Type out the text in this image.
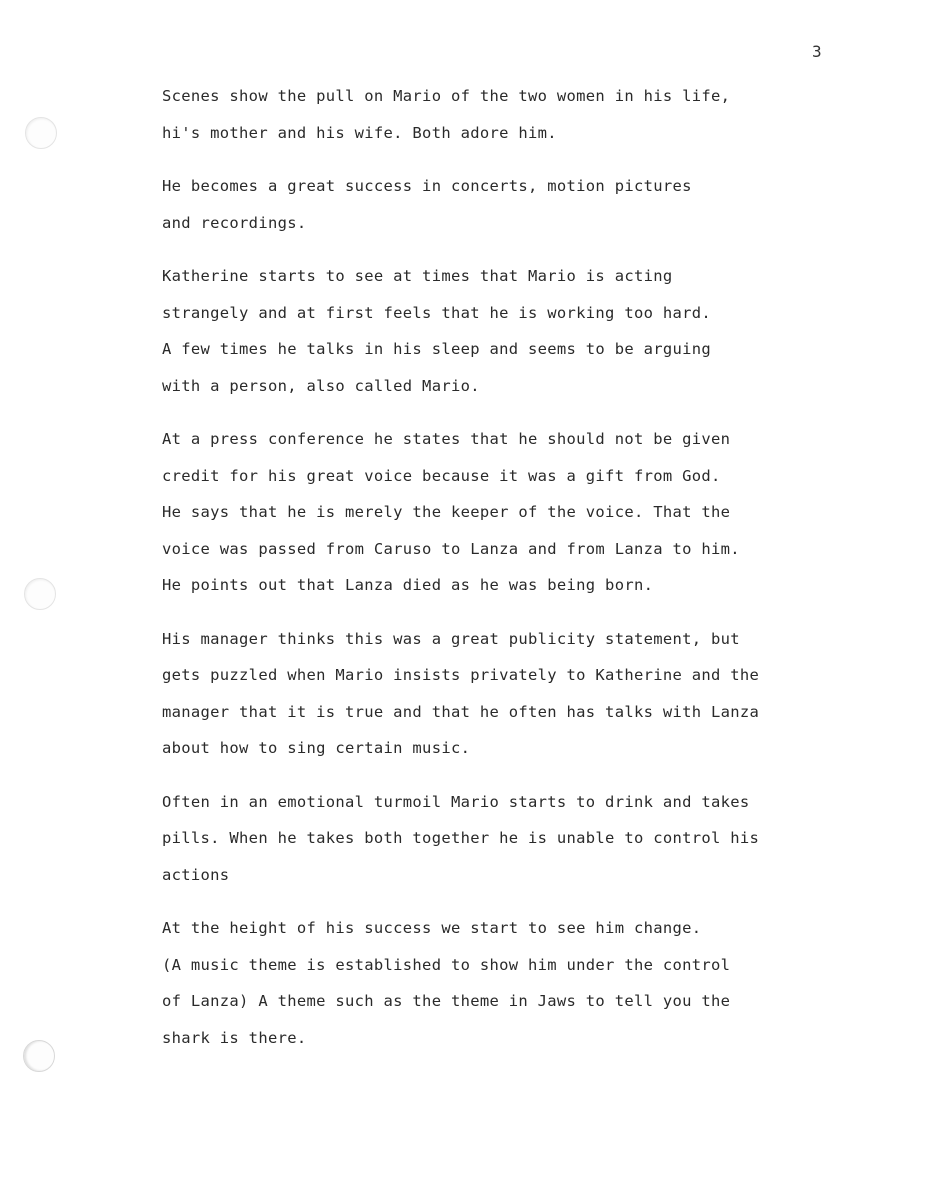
3
Scenes show the pull on Mario of the two women in his life,
hi's mother and his wife. Both adore him.
He becomes a great success in concerts, motion pictures
and recordings.
Katherine starts to see at times that Mario is acting
strangely and at first feels that he is working too hard.
A few times he talks in his sleep and seems to be arguing
with a person, also called Mario.
At a press conference he states that he should not be given
credit for his great voice because it was a gift from God.
He says that he is merely the keeper of the voice. That the
voice was passed from Caruso to Lanza and from Lanza to him.
He points out that Lanza died as he was being born.
His manager thinks this was a great publicity statement, but
gets puzzled when Mario insists privately to Katherine and the
manager that it is true and that he often has talks with Lanza
about how to sing certain music.
Often in an emotional turmoil Mario starts to drink and takes
pills. When he takes both together he is unable to control his
actions
At the height of his success we start to see him change.
(A music theme is established to show him under the control
of Lanza) A theme such as the theme in Jaws to tell you the
shark is there.
